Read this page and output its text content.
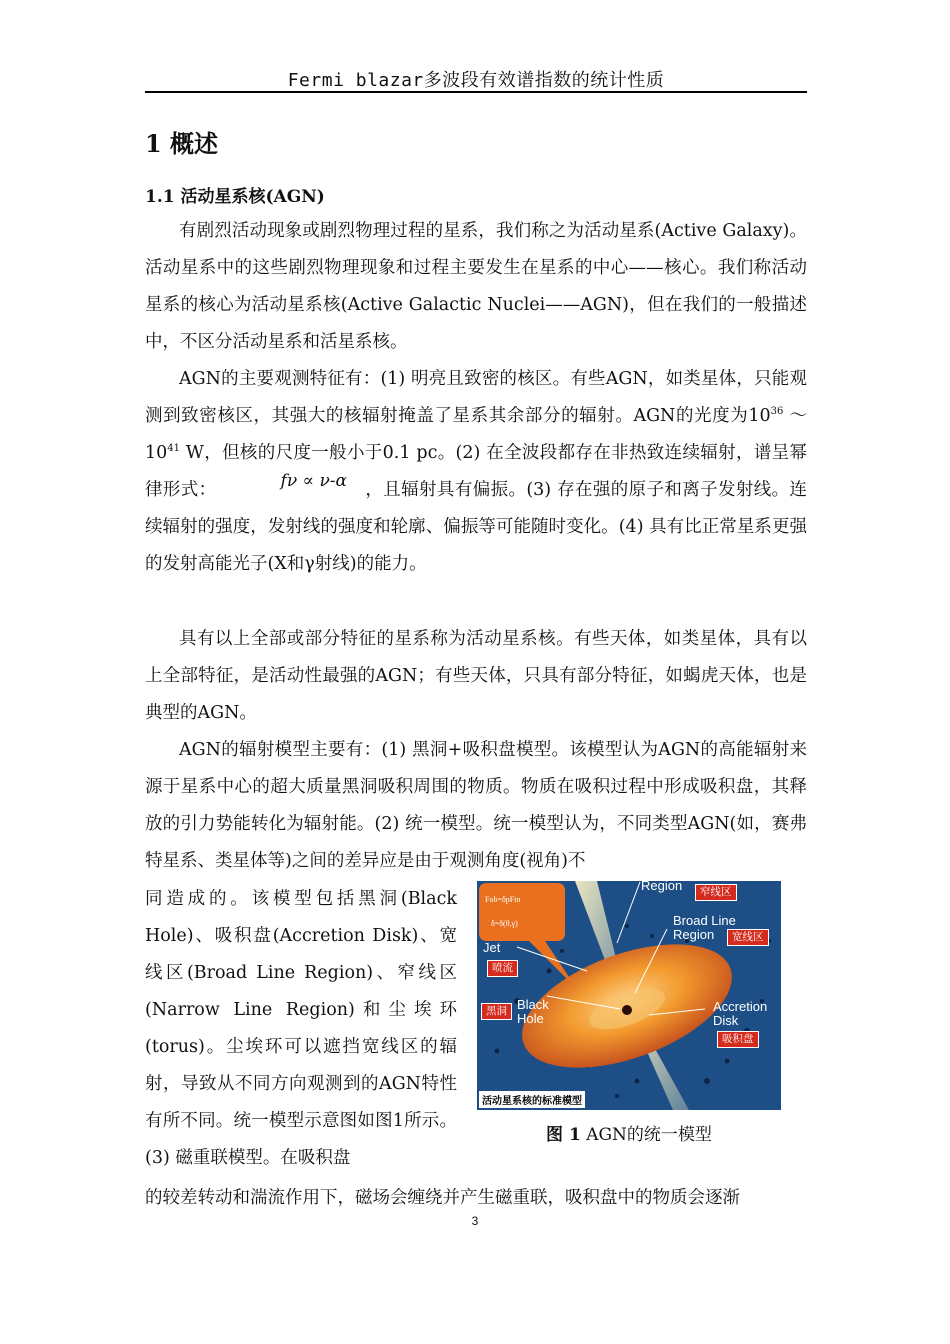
Fermi blazar多波段有效谱指数的统计性质
1 概述
1.1 活动星系核(AGN)

有剧烈活动现象或剧烈物理过程的星系，我们称之为活动星系(Active Galaxy)。活动星系中的这些剧烈物理现象和过程主要发生在星系的中心——核心。我们称活动星系的核心为活动星系核(Active Galactic Nuclei——AGN)，但在我们的一般描述中，不区分活动星系和活星系核。

AGN的主要观测特征有：(1) 明亮且致密的核区。有些AGN，如类星体，只能观测到致密核区，其强大的核辐射掩盖了星系其余部分的辐射。AGN的光度为$10^{36}$ $\sim 10^{41}$ W，但核的尺度一般小于0.1 pc。(2) 在全波段都存在非热致连续辐射，谱呈幂律形式：	fν ∝ ν-α ，且辐射具有偏振。(3) 存在强的原子和离子发射线。连续辐射的强度，发射线的强度和轮廓、偏振等可能随时变化。(4) 具有比正常星系更强的发射高能光子(X和γ射线)的能力。

具有以上全部或部分特征的星系称为活动星系核。有些天体，如类星体，具有以上全部特征，是活动性最强的AGN；有些天体，只具有部分特征，如蝎虎天体，也是典型的AGN。

AGN的辐射模型主要有：(1) 黑洞+吸积盘模型。该模型认为AGN的高能辐射来源于星系中心的超大质量黑洞吸积周围的物质。物质在吸积过程中形成吸积盘，其释放的引力势能转化为辐射能。(2) 统一模型。统一模型认为，不同类型AGN(如，赛弗特星系、类星体等)之间的差异应是由于观测角度(视角)不

同造成的。该模型包括黑洞(Black Hole)、吸积盘(Accretion Disk)、宽线区(Broad Line Region)、窄线区(Narrow Line Region)和尘埃环(torus)。尘埃环可以遮挡宽线区的辐射，导致从不同方向观测到的AGN特性有所不同。统一模型示意图如图1所示。(3) 磁重联模型。在吸积盘
Fob=δpFin
δ=δ(θ,γ)
Region	窄线区
Broad Line
Region	宽线区
Jet
喷流
黑洞 Black
Hole
Accretion
Disk
吸积盘
活动星系核的标准模型
图 1 AGN的统一模型
的较差转动和湍流作用下，磁场会缠绕并产生磁重联，吸积盘中的物质会逐渐
3
